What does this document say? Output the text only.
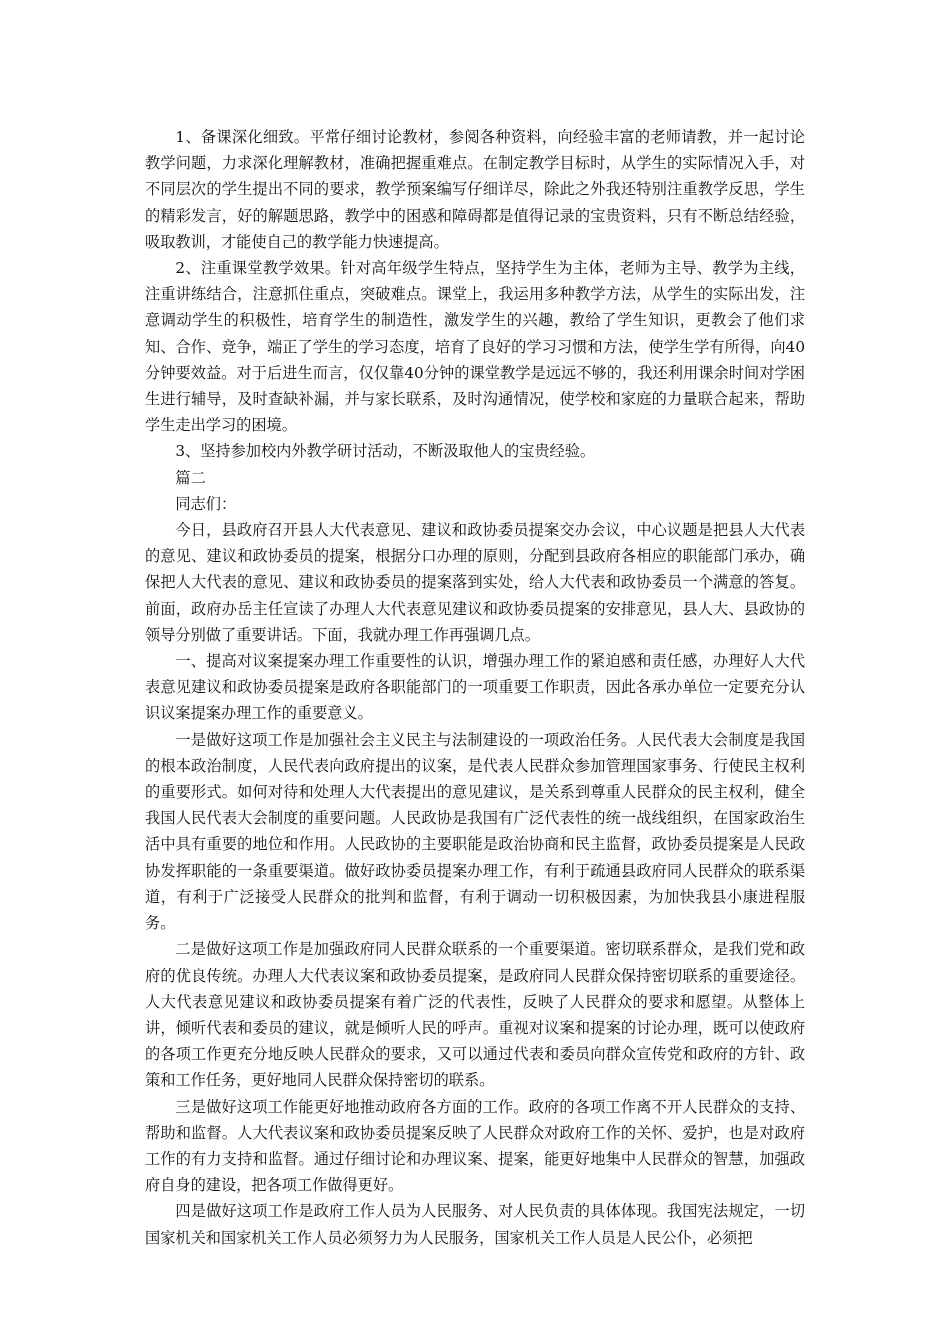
1、备课深化细致。平常仔细讨论教材，参阅各种资料，向经验丰富的老师请教，并一起讨论教学问题，力求深化理解教材，准确把握重难点。在制定教学目标时，从学生的实际情况入手，对不同层次的学生提出不同的要求，教学预案编写仔细详尽，除此之外我还特别注重教学反思，学生的精彩发言，好的解题思路，教学中的困惑和障碍都是值得记录的宝贵资料，只有不断总结经验，吸取教训，才能使自己的教学能力快速提高。

2、注重课堂教学效果。针对高年级学生特点，坚持学生为主体，老师为主导、教学为主线，注重讲练结合，注意抓住重点，突破难点。课堂上，我运用多种教学方法，从学生的实际出发，注意调动学生的积极性，培育学生的制造性，激发学生的兴趣，教给了学生知识，更教会了他们求知、合作、竞争，端正了学生的学习态度，培育了良好的学习习惯和方法，使学生学有所得，向40分钟要效益。对于后进生而言，仅仅靠40分钟的课堂教学是远远不够的，我还利用课余时间对学困生进行辅导，及时查缺补漏，并与家长联系，及时沟通情况，使学校和家庭的力量联合起来，帮助学生走出学习的困境。

3、坚持参加校内外教学研讨活动，不断汲取他人的宝贵经验。

篇二

同志们：

今日，县政府召开县人大代表意见、建议和政协委员提案交办会议，中心议题是把县人大代表的意见、建议和政协委员的提案，根据分口办理的原则，分配到县政府各相应的职能部门承办，确保把人大代表的意见、建议和政协委员的提案落到实处，给人大代表和政协委员一个满意的答复。前面，政府办岳主任宣读了办理人大代表意见建议和政协委员提案的安排意见，县人大、县政协的领导分别做了重要讲话。下面，我就办理工作再强调几点。

一、提高对议案提案办理工作重要性的认识，增强办理工作的紧迫感和责任感，办理好人大代表意见建议和政协委员提案是政府各职能部门的一项重要工作职责，因此各承办单位一定要充分认识议案提案办理工作的重要意义。

一是做好这项工作是加强社会主义民主与法制建设的一项政治任务。人民代表大会制度是我国的根本政治制度，人民代表向政府提出的议案，是代表人民群众参加管理国家事务、行使民主权利的重要形式。如何对待和处理人大代表提出的意见建议，是关系到尊重人民群众的民主权利，健全我国人民代表大会制度的重要问题。人民政协是我国有广泛代表性的统一战线组织，在国家政治生活中具有重要的地位和作用。人民政协的主要职能是政治协商和民主监督，政协委员提案是人民政协发挥职能的一条重要渠道。做好政协委员提案办理工作，有利于疏通县政府同人民群众的联系渠道，有利于广泛接受人民群众的批判和监督，有利于调动一切积极因素，为加快我县小康进程服务。

二是做好这项工作是加强政府同人民群众联系的一个重要渠道。密切联系群众，是我们党和政府的优良传统。办理人大代表议案和政协委员提案，是政府同人民群众保持密切联系的重要途径。人大代表意见建议和政协委员提案有着广泛的代表性，反映了人民群众的要求和愿望。从整体上讲，倾听代表和委员的建议，就是倾听人民的呼声。重视对议案和提案的讨论办理，既可以使政府的各项工作更充分地反映人民群众的要求，又可以通过代表和委员向群众宣传党和政府的方针、政策和工作任务，更好地同人民群众保持密切的联系。

三是做好这项工作能更好地推动政府各方面的工作。政府的各项工作离不开人民群众的支持、帮助和监督。人大代表议案和政协委员提案反映了人民群众对政府工作的关怀、爱护，也是对政府工作的有力支持和监督。通过仔细讨论和办理议案、提案，能更好地集中人民群众的智慧，加强政府自身的建设，把各项工作做得更好。

四是做好这项工作是政府工作人员为人民服务、对人民负责的具体体现。我国宪法规定，一切国家机关和国家机关工作人员必须努力为人民服务，国家机关工作人员是人民公仆，必须把
